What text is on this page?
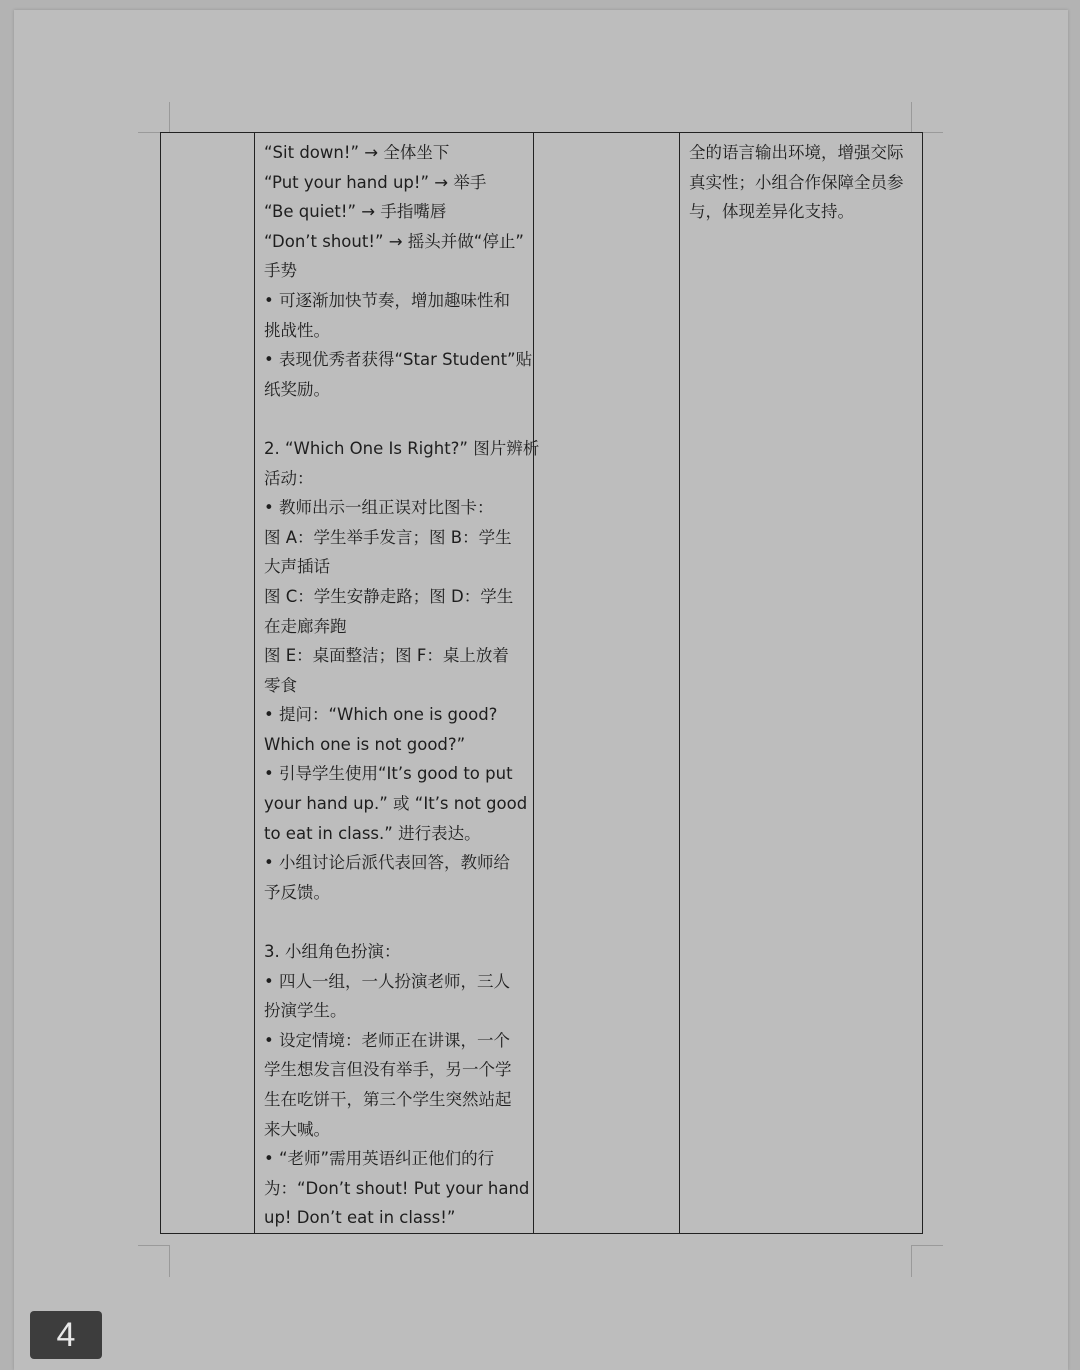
“Sit down!” → 全体坐下
“Put your hand up!” → 举手
“Be quiet!” → 手指嘴唇
“Don’t shout!” → 摇头并做“停止”
手势
• 可逐渐加快节奏，增加趣味性和
挑战性。
• 表现优秀者获得“Star Student”贴
纸奖励。
2. “Which One Is Right?” 图片辨析
活动：
• 教师出示一组正误对比图卡：
图 A：学生举手发言；图 B：学生
大声插话
图 C：学生安静走路；图 D：学生
在走廊奔跑
图 E：桌面整洁；图 F：桌上放着
零食
• 提问：“Which one is good?
Which one is not good?”
• 引导学生使用“It’s good to put
your hand up.” 或 “It’s not good
to eat in class.” 进行表达。
• 小组讨论后派代表回答，教师给
予反馈。
3. 小组角色扮演：
• 四人一组，一人扮演老师，三人
扮演学生。
• 设定情境：老师正在讲课，一个
学生想发言但没有举手，另一个学
生在吃饼干，第三个学生突然站起
来大喊。
• “老师”需用英语纠正他们的行
为：“Don’t shout! Put your hand
up! Don’t eat in class!”

全的语言输出环境，增强交际
真实性；小组合作保障全员参
与，体现差异化支持。
4
